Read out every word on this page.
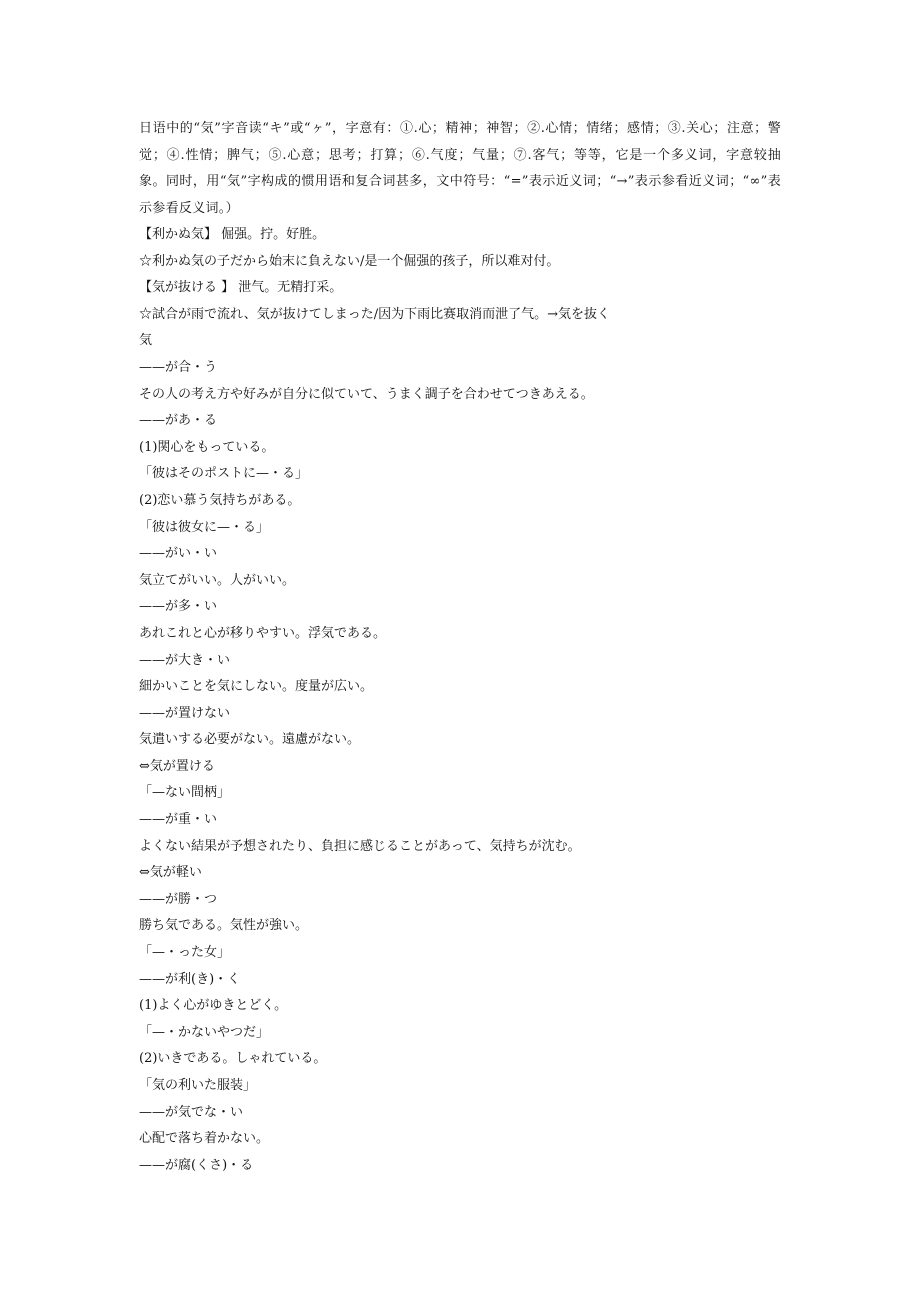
日语中的“気”字音读“キ”或“ヶ”，字意有：①.心；精神；神智；②.心情；情绪；感情；③.关心；注意；警觉；④.性情；脾气；⑤.心意；思考；打算；⑥.气度；气量；⑦.客气；等等，它是一个多义词，字意较抽象。同时，用“気”字构成的惯用语和复合词甚多，文中符号：“=”表示近义词；“→”表示参看近义词；“∞”表示参看反义词。）

【利かぬ気】 倔强。拧。好胜。
☆利かぬ気の子だから始末に負えない/是一个倔强的孩子，所以难对付。
【気が抜ける 】 泄气。无精打采。
☆試合が雨で流れ、気が抜けてしまった/因为下雨比赛取消而泄了气。→気を抜く
気
——が合・う
その人の考え方や好みが自分に似ていて、うまく調子を合わせてつきあえる。
——があ・る
(1)関心をもっている。
「彼はそのポストに—・る」
(2)恋い慕う気持ちがある。
「彼は彼女に—・る」
——がい・い
気立てがいい。人がいい。
——が多・い
あれこれと心が移りやすい。浮気である。
——が大き・い
細かいことを気にしない。度量が広い。
——が置けない
気遣いする必要がない。遠慮がない。
⇔気が置ける
「—ない間柄」
——が重・い
よくない結果が予想されたり、負担に感じることがあって、気持ちが沈む。
⇔気が軽い
——が勝・つ
勝ち気である。気性が強い。
「—・った女」
——が利(き)・く
(1)よく心がゆきとどく。
「—・かないやつだ」
(2)いきである。しゃれている。
「気の利いた服装」
——が気でな・い
心配で落ち着かない。
——が腐(くさ)・る
